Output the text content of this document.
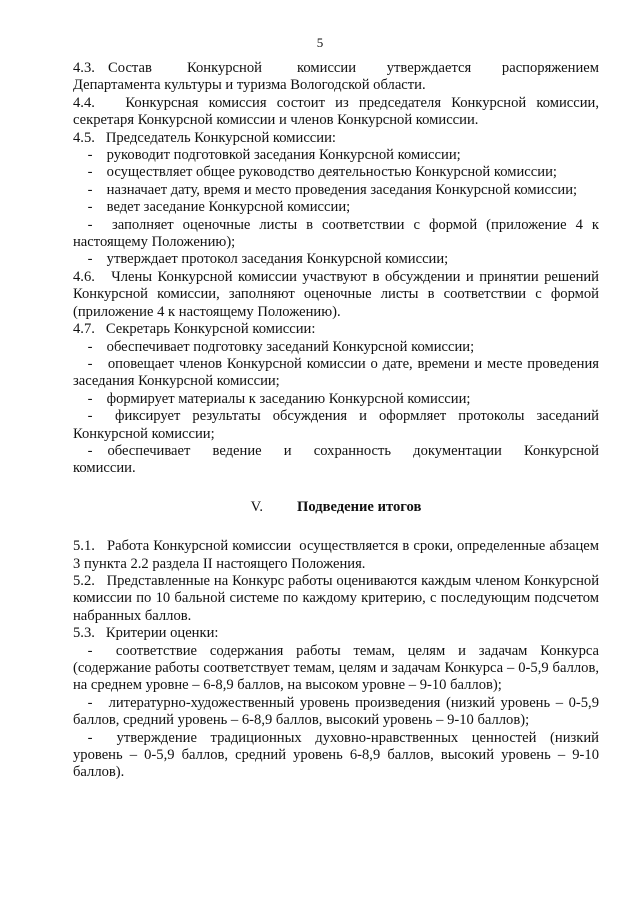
5

4.3.   Состав        Конкурсной        комиссии       утверждается       распоряжением Департамента культуры и туризма Вологодской области.

4.4.   Конкурсная комиссия состоит из председателя Конкурсной комиссии, секретаря Конкурсной комиссии и членов Конкурсной комиссии.

4.5.   Председатель Конкурсной комиссии:

- руководит подготовкой заседания Конкурсной комиссии;

- осуществляет общее руководство деятельностью Конкурсной комиссии;

- назначает дату, время и место проведения заседания Конкурсной комиссии;

- ведет заседание Конкурсной комиссии;

- заполняет оценочные листы в соответствии с формой (приложение 4 к настоящему Положению);

- утверждает протокол заседания Конкурсной комиссии;

4.6.   Члены Конкурсной комиссии участвуют в обсуждении и принятии решений Конкурсной комиссии, заполняют оценочные листы в соответствии с формой (приложение 4 к настоящему Положению).

4.7.   Секретарь Конкурсной комиссии:

- обеспечивает подготовку заседаний Конкурсной комиссии;

- оповещает членов Конкурсной комиссии о дате, времени и месте проведения заседания Конкурсной комиссии;

- формирует материалы к заседанию Конкурсной комиссии;

- фиксирует результаты обсуждения и оформляет протоколы заседаний Конкурсной комиссии;

- обеспечивает     ведение     и     сохранность     документации     Конкурсной комиссии.

V. Подведение итогов

5.1.   Работа Конкурсной комиссии  осуществляется в сроки, определенные абзацем 3 пункта 2.2 раздела II настоящего Положения.

5.2.   Представленные на Конкурс работы оцениваются каждым членом Конкурсной комиссии по 10 бальной системе по каждому критерию, с последующим подсчетом набранных баллов.

5.3.   Критерии оценки:

- соответствие содержания работы темам, целям и задачам Конкурса (содержание работы соответствует темам, целям и задачам Конкурса – 0-5,9 баллов, на среднем уровне – 6-8,9 баллов, на высоком уровне – 9-10 баллов);

- литературно-художественный уровень произведения (низкий уровень – 0-5,9 баллов, средний уровень – 6-8,9 баллов, высокий уровень – 9-10 баллов);

- утверждение традиционных духовно-нравственных ценностей (низкий уровень – 0-5,9 баллов, средний уровень 6-8,9 баллов, высокий уровень – 9-10 баллов).
